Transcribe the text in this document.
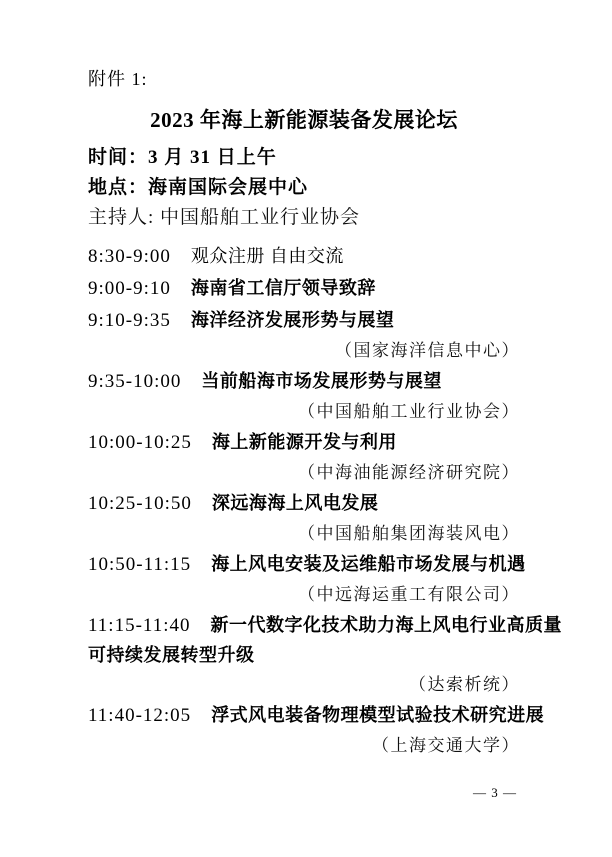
附件 1:
2023 年海上新能源装备发展论坛
时间：3 月 31 日上午
地点：海南国际会展中心
主持人: 中国船舶工业行业协会
8:30-9:00 观众注册 自由交流
9:00-9:10 海南省工信厅领导致辞
9:10-9:35 海洋经济发展形势与展望
（国家海洋信息中心）
9:35-10:00 当前船海市场发展形势与展望
（中国船舶工业行业协会）
10:00-10:25 海上新能源开发与利用
（中海油能源经济研究院）
10:25-10:50 深远海海上风电发展
（中国船舶集团海装风电）
10:50-11:15 海上风电安装及运维船市场发展与机遇
（中远海运重工有限公司）
11:15-11:40 新一代数字化技术助力海上风电行业高质量
可持续发展转型升级
（达索析统）
11:40-12:05 浮式风电装备物理模型试验技术研究进展
（上海交通大学）
— 3 —
